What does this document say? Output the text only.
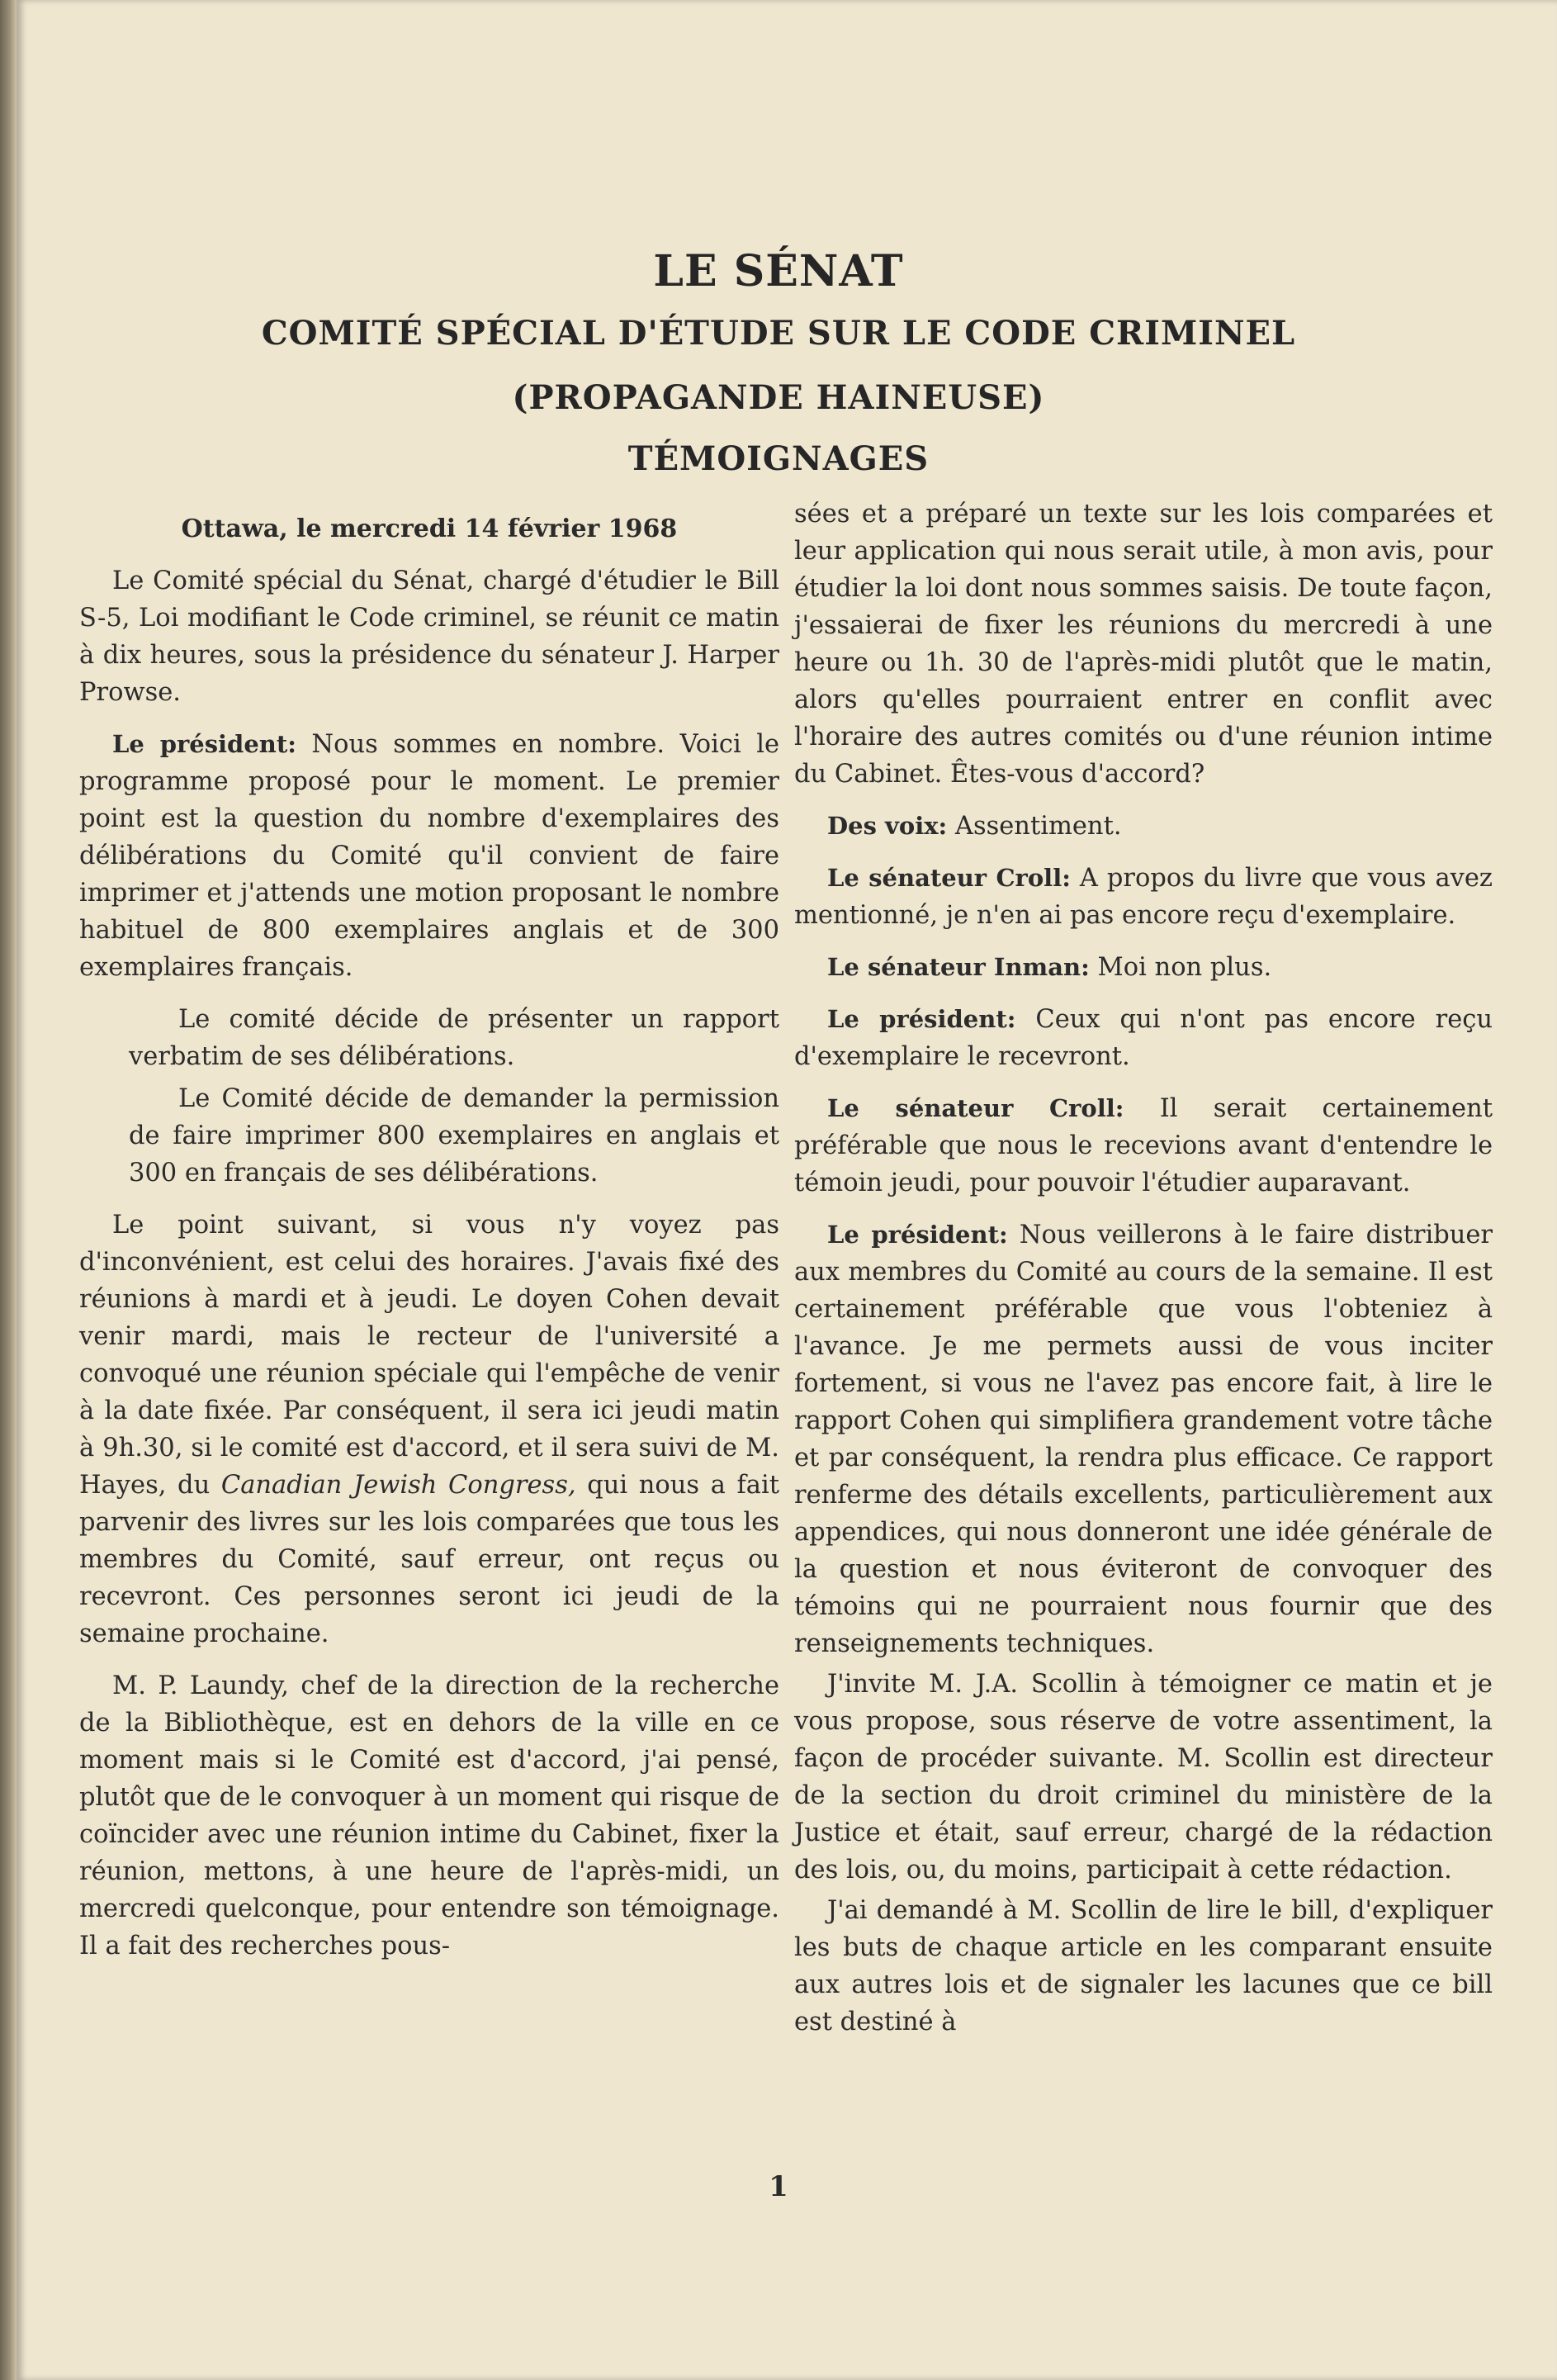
LE SÉNAT
COMITÉ SPÉCIAL D'ÉTUDE SUR LE CODE CRIMINEL
(PROPAGANDE HAINEUSE)
TÉMOIGNAGES

Ottawa, le mercredi 14 février 1968

Le Comité spécial du Sénat, chargé d'étudier le Bill S-5, Loi modifiant le Code criminel, se réunit ce matin à dix heures, sous la présidence du sénateur J. Harper Prowse.

Le président: Nous sommes en nombre. Voici le programme proposé pour le moment. Le premier point est la question du nombre d'exemplaires des délibérations du Comité qu'il convient de faire imprimer et j'attends une motion proposant le nombre habituel de 800 exemplaires anglais et de 300 exemplaires français.

Le comité décide de présenter un rapport verbatim de ses délibérations.

Le Comité décide de demander la permission de faire imprimer 800 exemplaires en anglais et 300 en français de ses délibérations.

Le point suivant, si vous n'y voyez pas d'inconvénient, est celui des horaires. J'avais fixé des réunions à mardi et à jeudi. Le doyen Cohen devait venir mardi, mais le recteur de l'université a convoqué une réunion spéciale qui l'empêche de venir à la date fixée. Par conséquent, il sera ici jeudi matin à 9h.30, si le comité est d'accord, et il sera suivi de M. Hayes, du Canadian Jewish Congress, qui nous a fait parvenir des livres sur les lois comparées que tous les membres du Comité, sauf erreur, ont reçus ou recevront. Ces personnes seront ici jeudi de la semaine prochaine.

M. P. Laundy, chef de la direction de la recherche de la Bibliothèque, est en dehors de la ville en ce moment mais si le Comité est d'accord, j'ai pensé, plutôt que de le convoquer à un moment qui risque de coïncider avec une réunion intime du Cabinet, fixer la réunion, mettons, à une heure de l'après-midi, un mercredi quelconque, pour entendre son témoignage. Il a fait des recherches pous-

sées et a préparé un texte sur les lois comparées et leur application qui nous serait utile, à mon avis, pour étudier la loi dont nous sommes saisis. De toute façon, j'essaierai de fixer les réunions du mercredi à une heure ou 1h. 30 de l'après-midi plutôt que le matin, alors qu'elles pourraient entrer en conflit avec l'horaire des autres comités ou d'une réunion intime du Cabinet. Êtes-vous d'accord?

Des voix: Assentiment.

Le sénateur Croll: A propos du livre que vous avez mentionné, je n'en ai pas encore reçu d'exemplaire.

Le sénateur Inman: Moi non plus.

Le président: Ceux qui n'ont pas encore reçu d'exemplaire le recevront.

Le sénateur Croll: Il serait certainement préférable que nous le recevions avant d'entendre le témoin jeudi, pour pouvoir l'étudier auparavant.

Le président: Nous veillerons à le faire distribuer aux membres du Comité au cours de la semaine. Il est certainement préférable que vous l'obteniez à l'avance. Je me permets aussi de vous inciter fortement, si vous ne l'avez pas encore fait, à lire le rapport Cohen qui simplifiera grandement votre tâche et par conséquent, la rendra plus efficace. Ce rapport renferme des détails excellents, particulièrement aux appendices, qui nous donneront une idée générale de la question et nous éviteront de convoquer des témoins qui ne pourraient nous fournir que des renseignements techniques.

J'invite M. J.A. Scollin à témoigner ce matin et je vous propose, sous réserve de votre assentiment, la façon de procéder suivante. M. Scollin est directeur de la section du droit criminel du ministère de la Justice et était, sauf erreur, chargé de la rédaction des lois, ou, du moins, participait à cette rédaction.

J'ai demandé à M. Scollin de lire le bill, d'expliquer les buts de chaque article en les comparant ensuite aux autres lois et de signaler les lacunes que ce bill est destiné à

1
